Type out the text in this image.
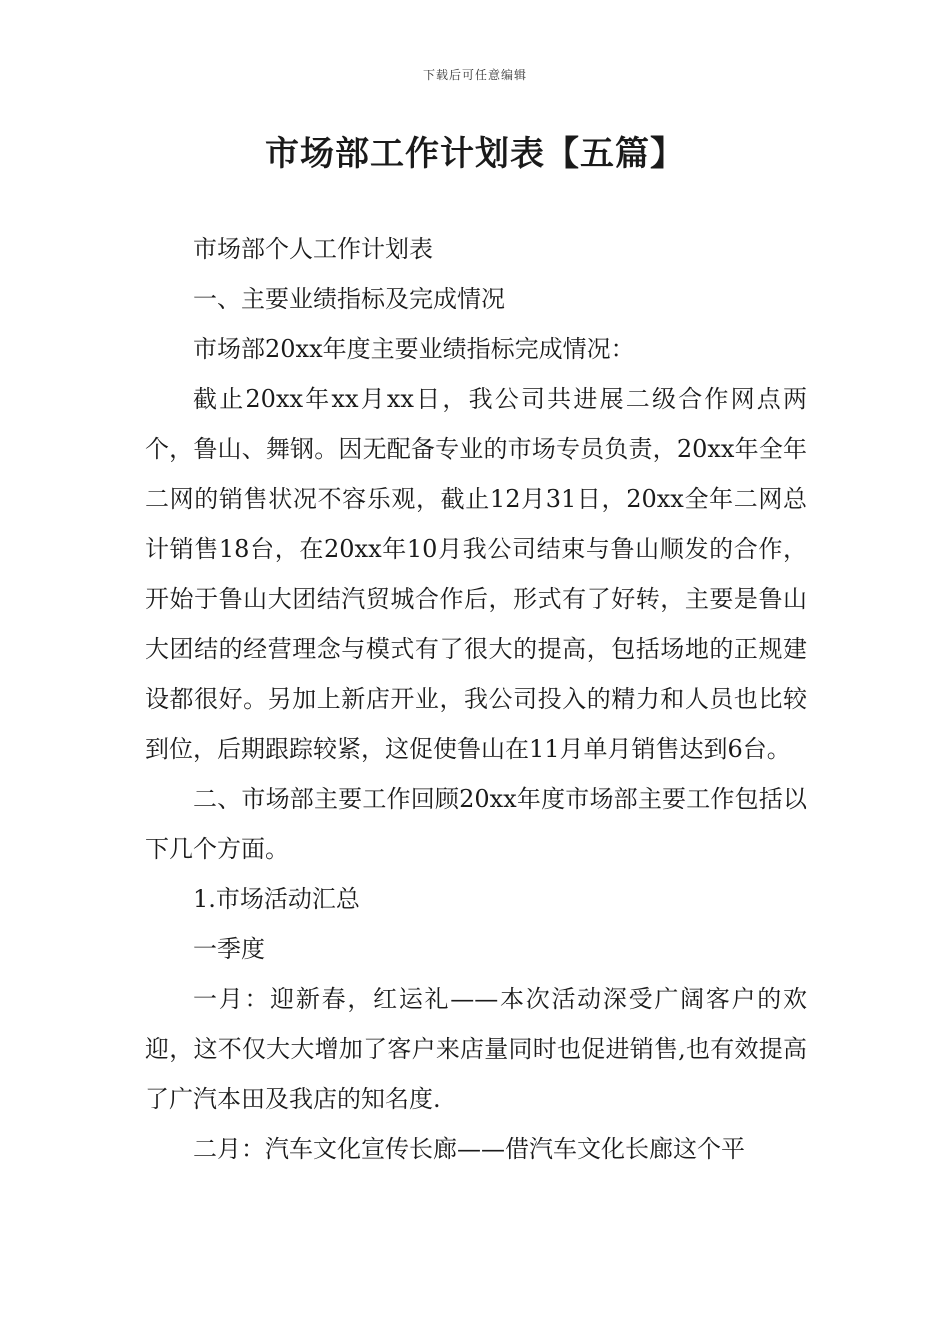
下载后可任意编辑
市场部工作计划表【五篇】

市场部个人工作计划表

一、主要业绩指标及完成情况

市场部20xx年度主要业绩指标完成情况：

截止20xx年xx月xx日，我公司共进展二级合作网点两个，鲁山、舞钢。因无配备专业的市场专员负责，20xx年全年二网的销售状况不容乐观，截止12月31日，20xx全年二网总计销售18台，在20xx年10月我公司结束与鲁山顺发的合作，开始于鲁山大团结汽贸城合作后，形式有了好转，主要是鲁山大团结的经营理念与模式有了很大的提高，包括场地的正规建设都很好。另加上新店开业，我公司投入的精力和人员也比较到位，后期跟踪较紧，这促使鲁山在11月单月销售达到6台。

二、市场部主要工作回顾20xx年度市场部主要工作包括以下几个方面。

1.市场活动汇总

一季度

一月：迎新春，红运礼——本次活动深受广阔客户的欢迎，这不仅大大增加了客户来店量同时也促进销售,也有效提高了广汽本田及我店的知名度.

二月：汽车文化宣传长廊——借汽车文化长廊这个平
